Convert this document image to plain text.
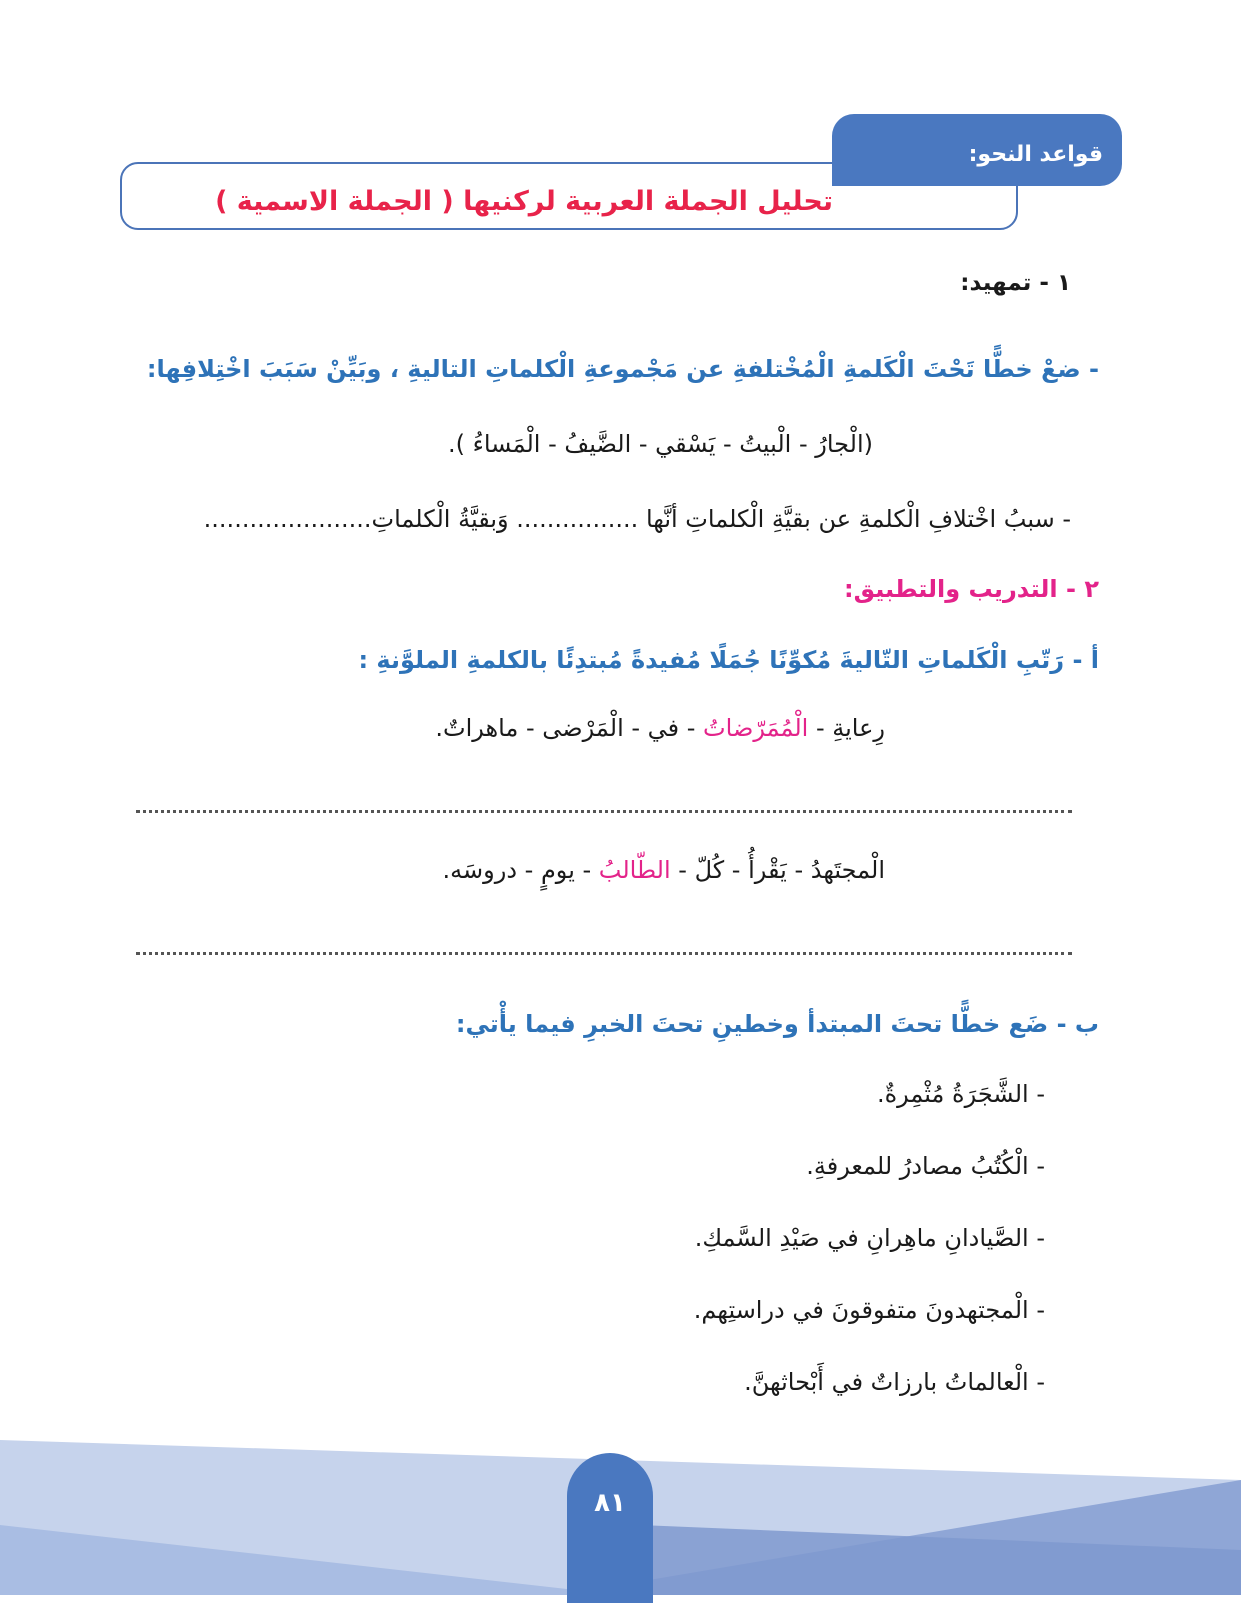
تحليل الجملة العربية لركنيها ( الجملة الاسمية )
قواعد النحو:
١ - تمهيد:
- ضعْ خطًّا تَحْتَ الْكَلمةِ الْمُخْتلفةِ عن مَجْموعةِ الْكلماتِ التاليةِ ، وبَيِّنْ سَبَبَ اخْتِلافِها:
(الْجارُ - الْبيتُ - يَسْقي - الضَّيفُ - الْمَساءُ ).
- سببُ اخْتلافِ الْكلمةِ عن بقيَّةِ الْكلماتِ أنَّها ................ وَبقيَّةُ الْكلماتِ......................
٢ - التدريب والتطبيق:
أ - رَتّبِ الْكَلماتِ التّاليةَ مُكوِّنًا جُمَلًا مُفيدةً مُبتدِئًا بالكلمةِ الملوَّنةِ :
رِعايةِ - الْمُمَرّضاتُ - في - الْمَرْضى - ماهراتٌ.
الْمجتَهدُ - يَقْرأُ - كُلّ - الطّالبُ - يومٍ - دروسَه.
ب - ضَع خطًّا تحتَ المبتدأ وخطينِ تحتَ الخبرِ فيما يأْتي:
- الشَّجَرَةُ مُثْمِرةٌ.
- الْكُتُبُ مصادرُ للمعرفةِ.
- الصَّيادانِ ماهِرانِ في صَيْدِ السَّمكِ.
- الْمجتهدونَ متفوقونَ في دراستِهم.
- الْعالماتُ بارزاتٌ في أَبْحاثهنَّ.
٨١
